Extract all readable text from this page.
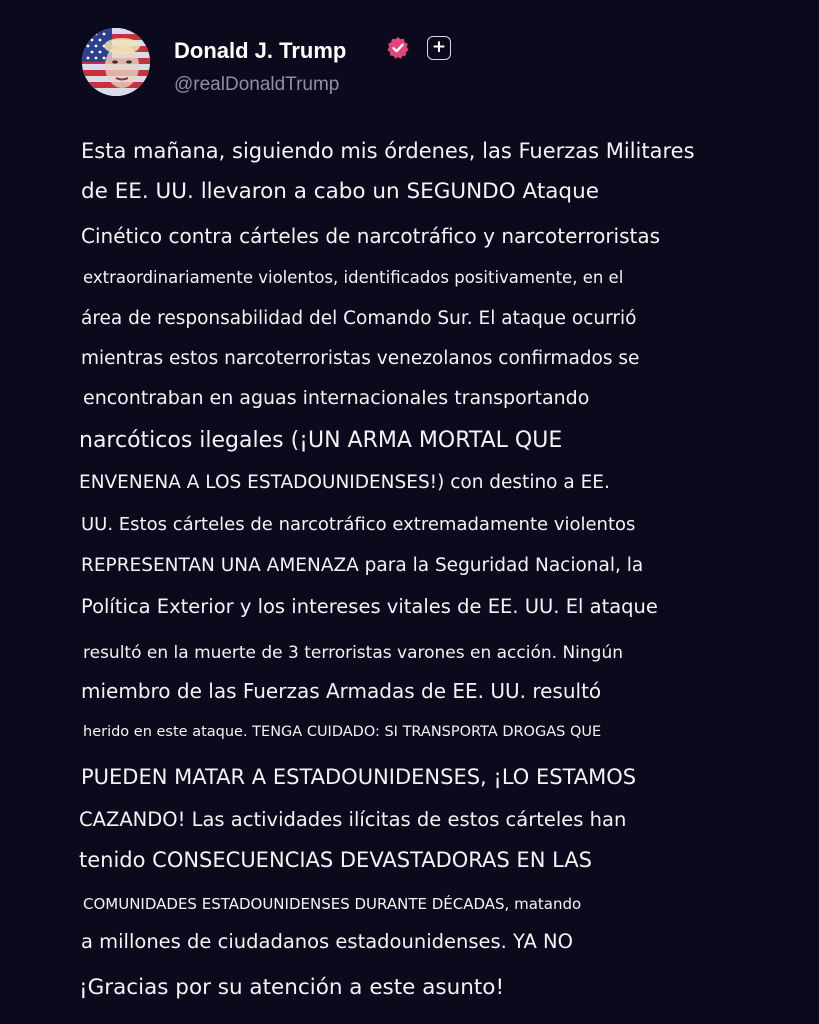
Donald J. Trump
@realDonaldTrump
+
Esta mañana, siguiendo mis órdenes, las Fuerzas Militares
de EE. UU. llevaron a cabo un SEGUNDO Ataque
Cinético contra cárteles de narcotráfico y narcoterroristas
extraordinariamente violentos, identificados positivamente, en el
área de responsabilidad del Comando Sur. El ataque ocurrió
mientras estos narcoterroristas venezolanos confirmados se
encontraban en aguas internacionales transportando
narcóticos ilegales (¡UN ARMA MORTAL QUE
ENVENENA A LOS ESTADOUNIDENSES!) con destino a EE.
UU. Estos cárteles de narcotráfico extremadamente violentos
REPRESENTAN UNA AMENAZA para la Seguridad Nacional, la
Política Exterior y los intereses vitales de EE. UU. El ataque
resultó en la muerte de 3 terroristas varones en acción. Ningún
miembro de las Fuerzas Armadas de EE. UU. resultó
herido en este ataque. TENGA CUIDADO: SI TRANSPORTA DROGAS QUE
PUEDEN MATAR A ESTADOUNIDENSES, ¡LO ESTAMOS
CAZANDO! Las actividades ilícitas de estos cárteles han
tenido CONSECUENCIAS DEVASTADORAS EN LAS
COMUNIDADES ESTADOUNIDENSES DURANTE DÉCADAS, matando
a millones de ciudadanos estadounidenses. YA NO
¡Gracias por su atención a este asunto!
